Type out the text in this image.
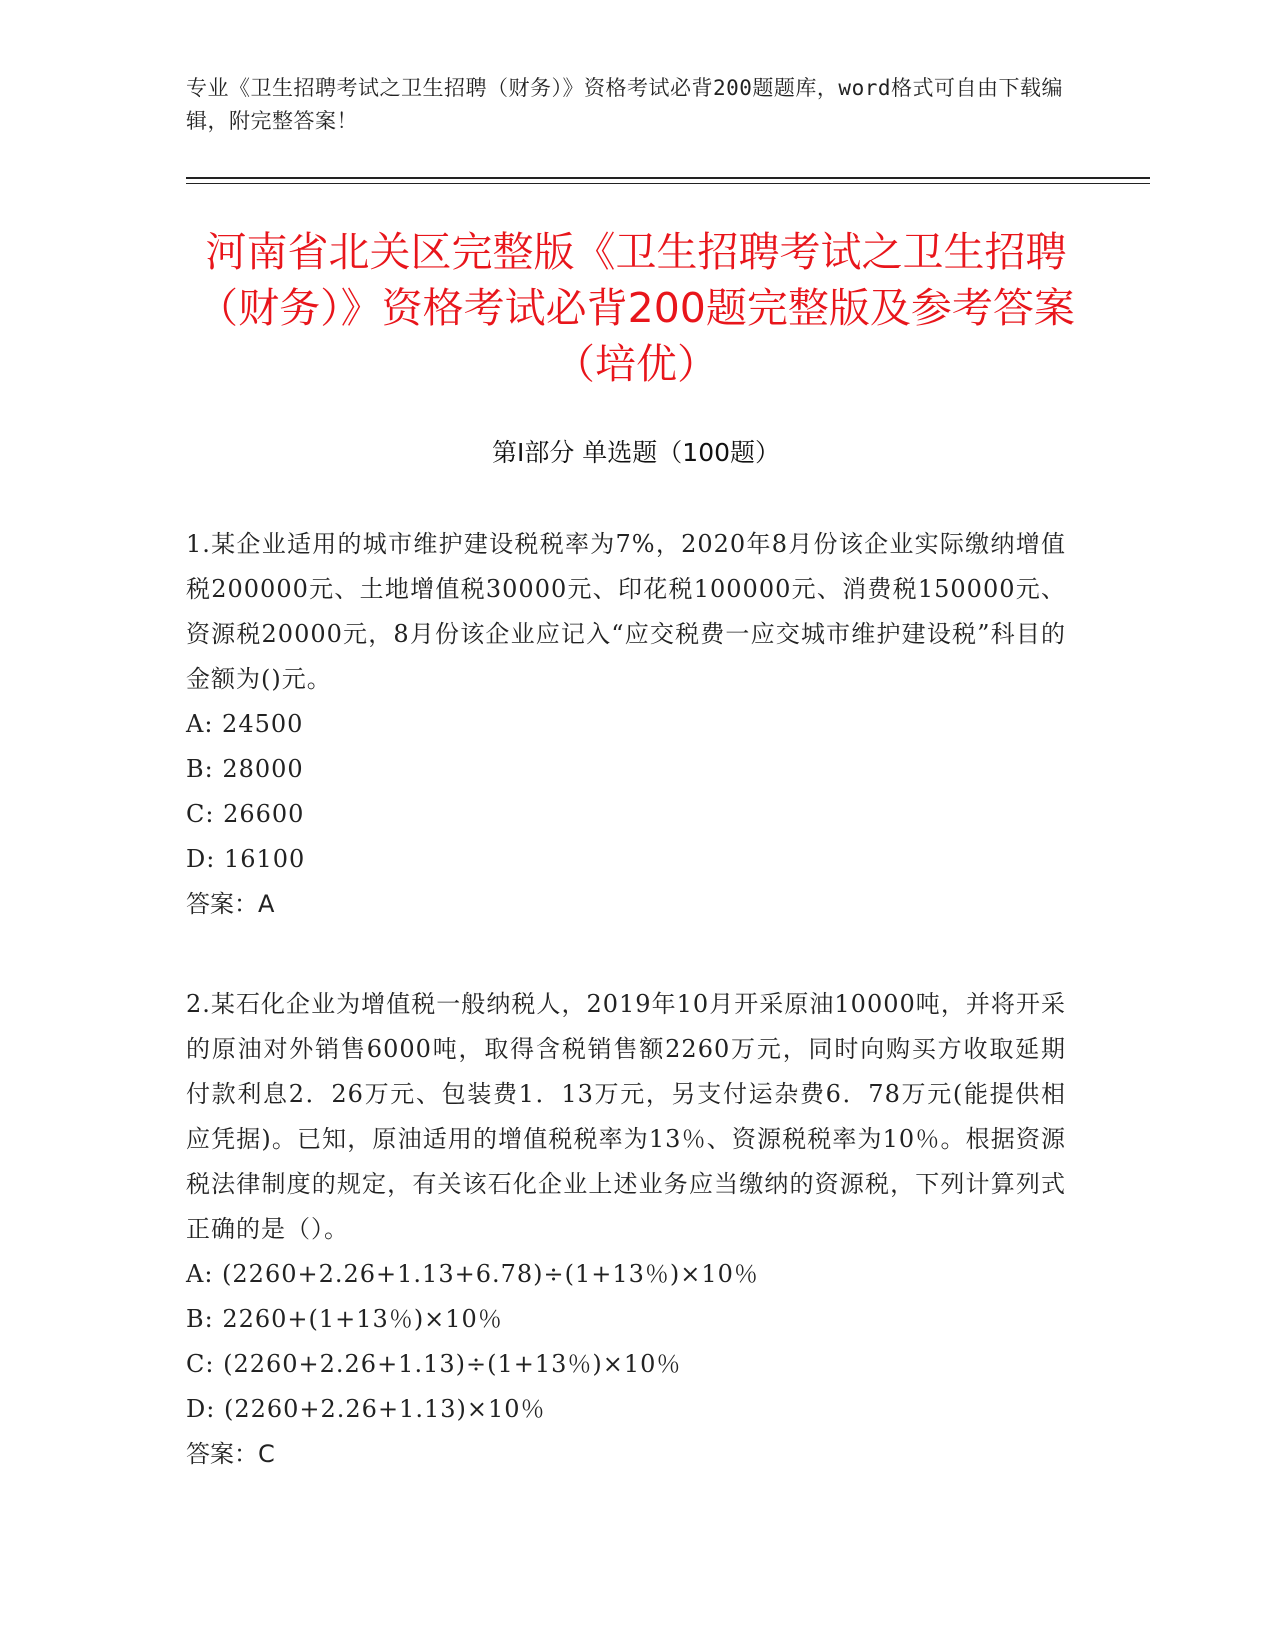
专业《卫生招聘考试之卫生招聘（财务）》资格考试必背200题题库，word格式可自由下载编辑，附完整答案！
河南省北关区完整版《卫生招聘考试之卫生招聘（财务）》资格考试必背200题完整版及参考答案（培优）
第I部分 单选题（100题）

1.某企业适用的城市维护建设税税率为7%，2020年8月份该企业实际缴纳增值税200000元、土地增值税30000元、印花税100000元、消费税150000元、资源税20000元，8月份该企业应记入“应交税费一应交城市维护建设税”科目的金额为()元。

A: 24500

B: 28000

C: 26600

D: 16100

答案：A

2.某石化企业为增值税一般纳税人，2019年10月开采原油10000吨，并将开采的原油对外销售6000吨，取得含税销售额2260万元，同时向购买方收取延期付款利息2．26万元、包装费1．13万元，另支付运杂费6．78万元(能提供相应凭据)。已知，原油适用的增值税税率为13％、资源税税率为10％。根据资源税法律制度的规定，有关该石化企业上述业务应当缴纳的资源税，下列计算列式正确的是（）。

A: (2260+2.26+1.13+6.78)÷(1+13％)×10％

B: 2260+(1+13％)×10％

C: (2260+2.26+1.13)÷(1+13％)×10％

D: (2260+2.26+1.13)×10％

答案：C
